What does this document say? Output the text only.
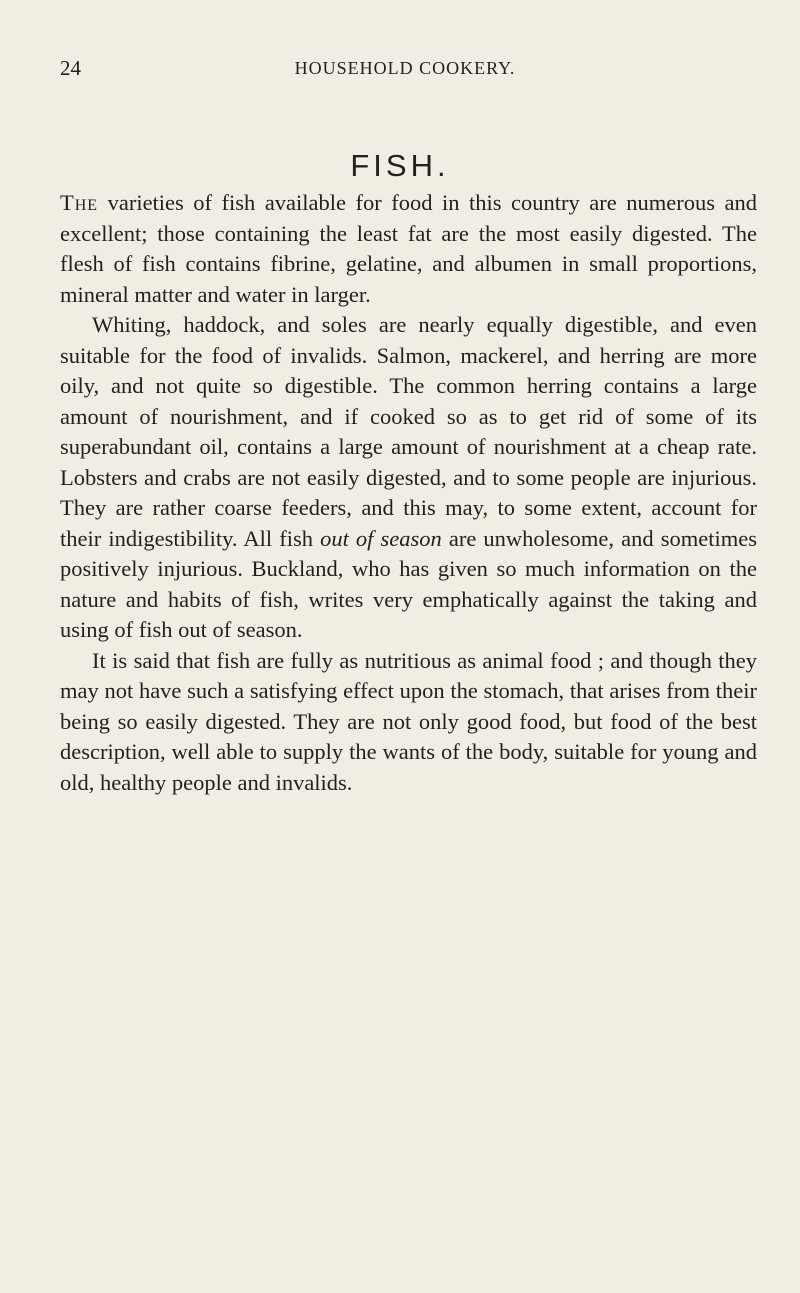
24	HOUSEHOLD COOKERY.
FISH.

The varieties of fish available for food in this country are numerous and excellent; those containing the least fat are the most easily digested. The flesh of fish contains fibrine, gelatine, and albumen in small proportions, mineral matter and water in larger.

Whiting, haddock, and soles are nearly equally digestible, and even suitable for the food of invalids. Salmon, mackerel, and herring are more oily, and not quite so digestible. The common herring contains a large amount of nourishment, and if cooked so as to get rid of some of its superabundant oil, contains a large amount of nourishment at a cheap rate. Lobsters and crabs are not easily digested, and to some people are injurious. They are rather coarse feeders, and this may, to some extent, account for their indigestibility. All fish out of season are unwholesome, and sometimes positively injurious. Buckland, who has given so much information on the nature and habits of fish, writes very emphatically against the taking and using of fish out of season.

It is said that fish are fully as nutritious as animal food ; and though they may not have such a satisfying effect upon the stomach, that arises from their being so easily digested. They are not only good food, but food of the best description, well able to supply the wants of the body, suitable for young and old, healthy people and invalids.
